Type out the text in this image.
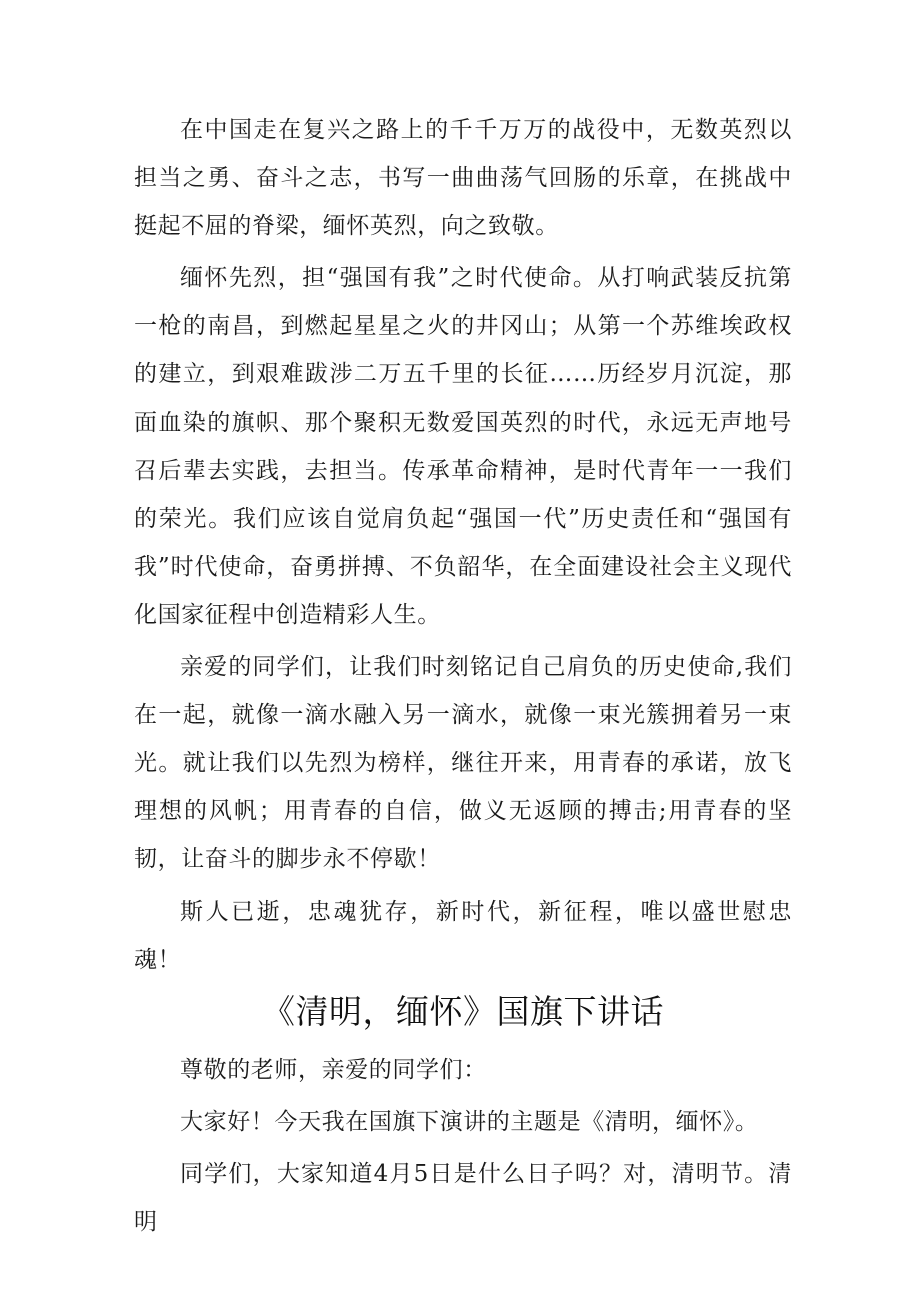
在中国走在复兴之路上的千千万万的战役中，无数英烈以担当之勇、奋斗之志，书写一曲曲荡气回肠的乐章，在挑战中挺起不屈的脊梁，缅怀英烈，向之致敬。

缅怀先烈，担“强国有我”之时代使命。从打响武装反抗第一枪的南昌，到燃起星星之火的井冈山；从第一个苏维埃政权的建立，到艰难跋涉二万五千里的长征……历经岁月沉淀，那面血染的旗帜、那个聚积无数爱国英烈的时代，永远无声地号召后辈去实践，去担当。传承革命精神，是时代青年一一我们的荣光。我们应该自觉肩负起“强国一代”历史责任和“强国有我”时代使命，奋勇拼搏、不负韶华，在全面建设社会主义现代化国家征程中创造精彩人生。

亲爱的同学们，让我们时刻铭记自己肩负的历史使命,我们在一起，就像一滴水融入另一滴水，就像一束光簇拥着另一束光。就让我们以先烈为榜样，继往开来，用青春的承诺，放飞理想的风帆；用青春的自信，做义无返顾的搏击;用青春的坚韧，让奋斗的脚步永不停歇！

斯人已逝，忠魂犹存，新时代，新征程，唯以盛世慰忠魂！

《清明，缅怀》国旗下讲话

尊敬的老师，亲爱的同学们：

大家好！今天我在国旗下演讲的主题是《清明，缅怀》。

同学们，大家知道4月5日是什么日子吗？对，清明节。清明
